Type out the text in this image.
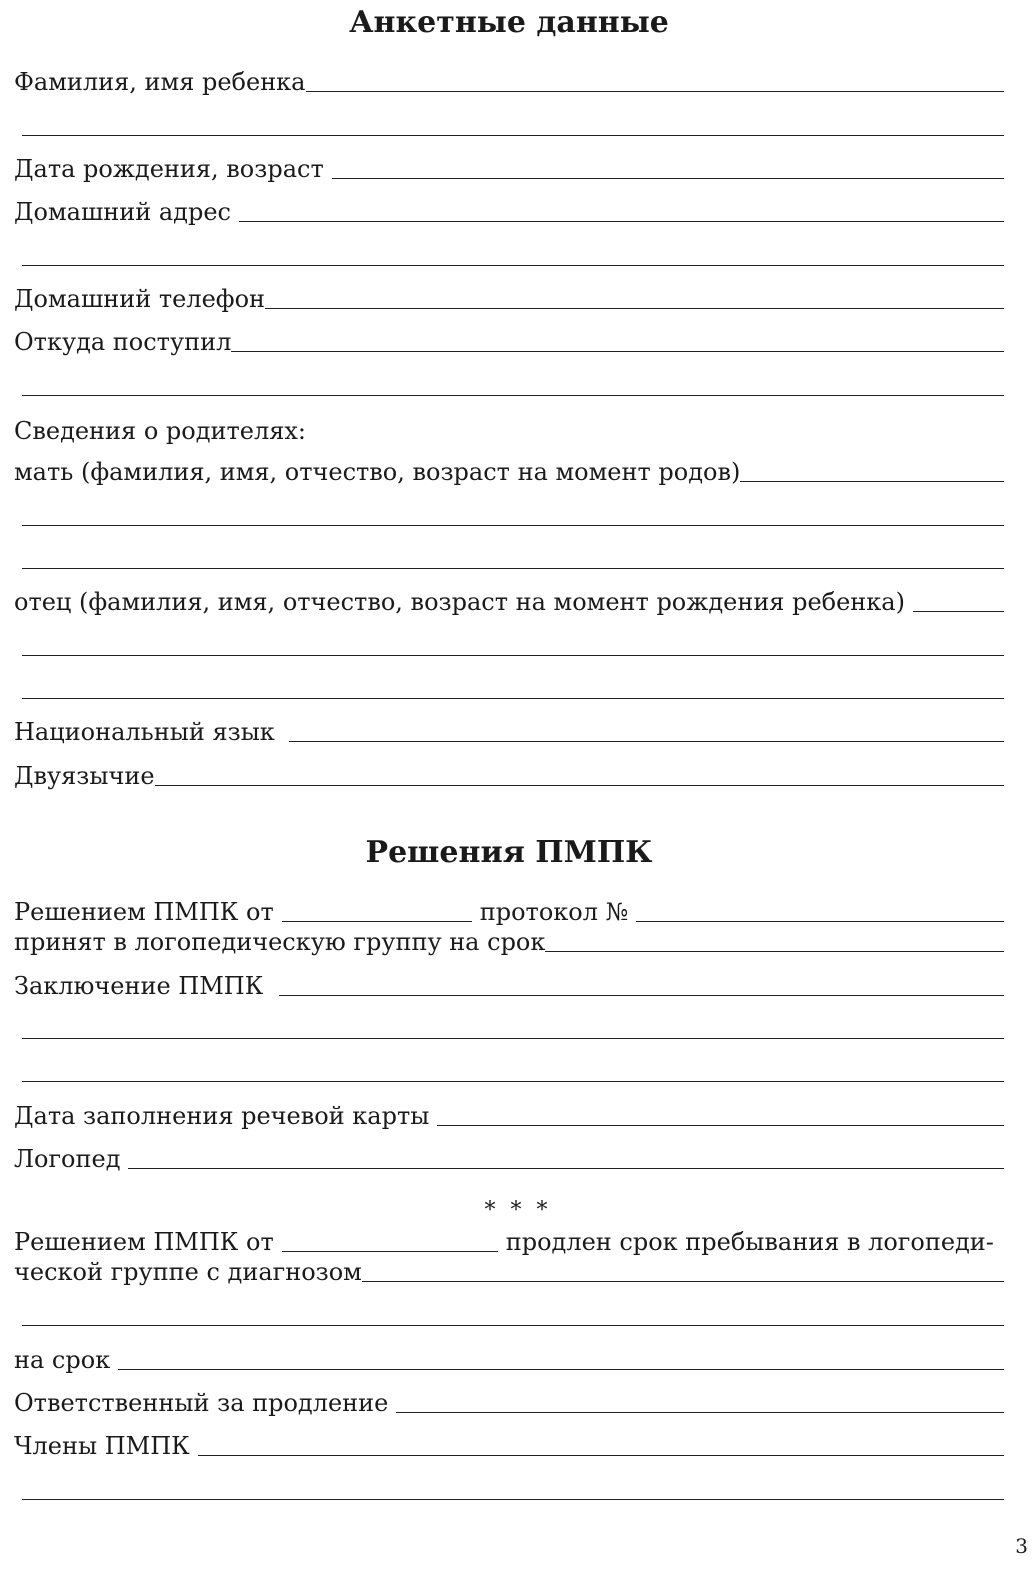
Анкетные данные
Фамилия, имя ребенка
Дата рождения, возраст
Домашний адрес
Домашний телефон
Откуда поступил
Сведения о родителях:
мать (фамилия, имя, отчество, возраст на момент родов)
отец (фамилия, имя, отчество, возраст на момент рождения ребенка)
Национальный язык
Двуязычие
Решения ПМПК
Решением ПМПК от	протокол №
принят в логопедическую группу на срок
Заключение ПМПК
Дата заполнения речевой карты
Логопед
* * *
Решением ПМПК от	продлен срок пребывания в логопеди-
ческой группе с диагнозом
на срок
Ответственный за продление
Члены ПМПК
3
